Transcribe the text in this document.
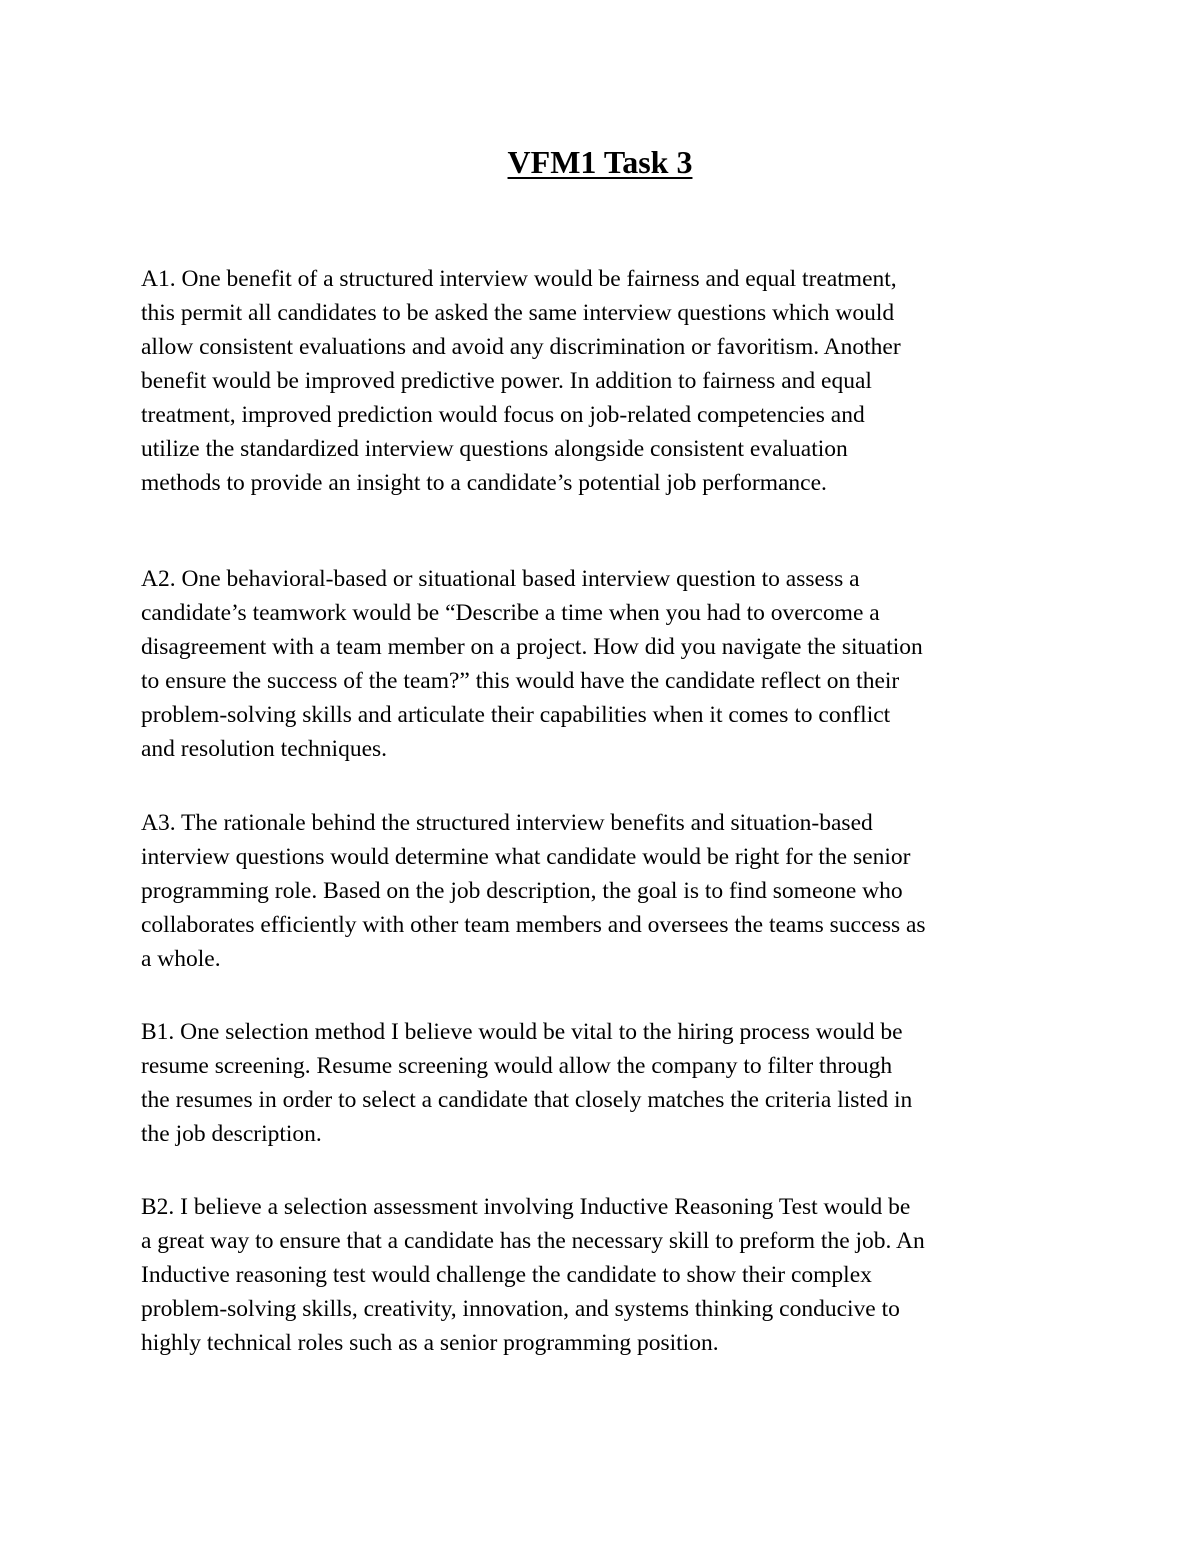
VFM1 Task 3

A1. One benefit of a structured interview would be fairness and equal treatment,
this permit all candidates to be asked the same interview questions which would
allow consistent evaluations and avoid any discrimination or favoritism. Another
benefit would be improved predictive power. In addition to fairness and equal
treatment, improved prediction would focus on job-related competencies and
utilize the standardized interview questions alongside consistent evaluation
methods to provide an insight to a candidate’s potential job performance.

A2. One behavioral-based or situational based interview question to assess a
candidate’s teamwork would be “Describe a time when you had to overcome a
disagreement with a team member on a project. How did you navigate the situation
to ensure the success of the team?” this would have the candidate reflect on their
problem-solving skills and articulate their capabilities when it comes to conflict
and resolution techniques.

A3. The rationale behind the structured interview benefits and situation-based
interview questions would determine what candidate would be right for the senior
programming role. Based on the job description, the goal is to find someone who
collaborates efficiently with other team members and oversees the teams success as
a whole.

B1. One selection method I believe would be vital to the hiring process would be
resume screening. Resume screening would allow the company to filter through
the resumes in order to select a candidate that closely matches the criteria listed in
the job description.

B2. I believe a selection assessment involving Inductive Reasoning Test would be
a great way to ensure that a candidate has the necessary skill to preform the job. An
Inductive reasoning test would challenge the candidate to show their complex
problem-solving skills, creativity, innovation, and systems thinking conducive to
highly technical roles such as a senior programming position.
